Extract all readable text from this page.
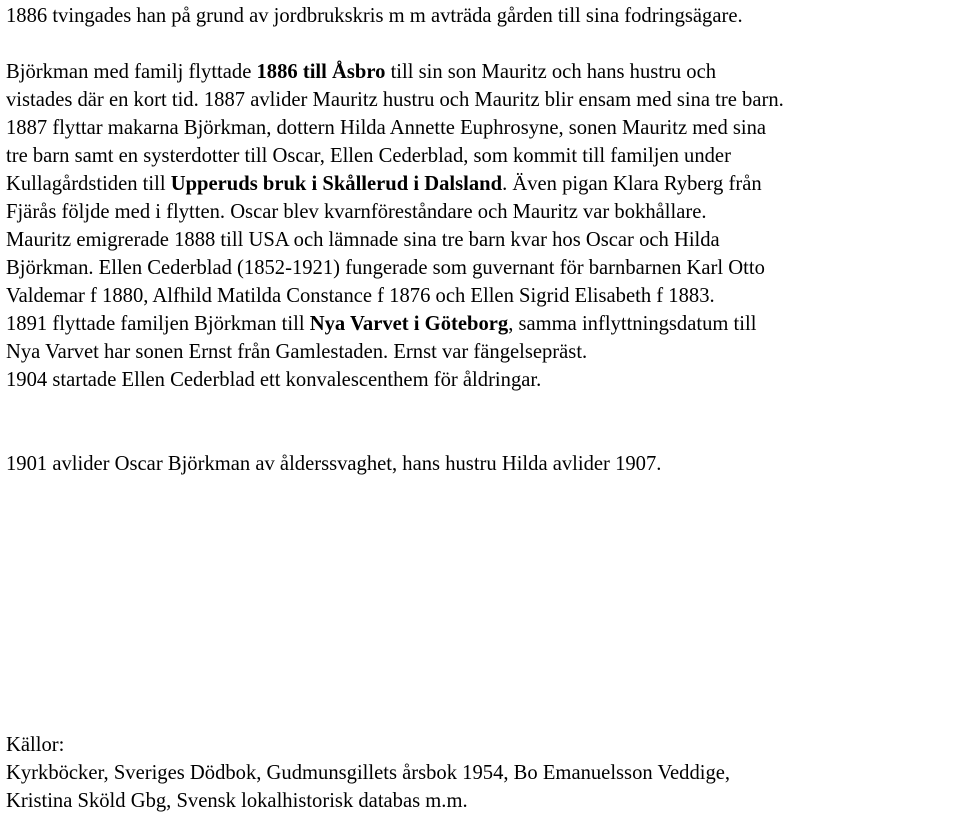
1886 tvingades han på grund av jordbrukskris m m avträda gården till sina fodringsägare.
Björkman med familj flyttade 1886 till Åsbro till sin son Mauritz och hans hustru och
vistades där en kort tid. 1887 avlider Mauritz hustru och Mauritz blir ensam med sina tre barn.
1887 flyttar makarna Björkman, dottern Hilda Annette Euphrosyne, sonen Mauritz med sina
tre barn samt en systerdotter till Oscar, Ellen Cederblad, som kommit till familjen under
Kullagårdstiden till Upperuds bruk i Skållerud i Dalsland. Även pigan Klara Ryberg från
Fjärås följde med i flytten. Oscar blev kvarnföreståndare och Mauritz var bokhållare.
Mauritz emigrerade 1888 till USA och lämnade sina tre barn kvar hos Oscar och Hilda
Björkman. Ellen Cederblad (1852-1921) fungerade som guvernant för barnbarnen Karl Otto
Valdemar f 1880, Alfhild Matilda Constance f 1876 och Ellen Sigrid Elisabeth f 1883.
1891 flyttade familjen Björkman till Nya Varvet i Göteborg, samma inflyttningsdatum till
Nya Varvet har sonen Ernst från Gamlestaden. Ernst var fängelsepräst.
1904 startade Ellen Cederblad ett konvalescenthem för åldringar.
1901 avlider Oscar Björkman av ålderssvaghet, hans hustru Hilda avlider 1907.
Källor:
Kyrkböcker, Sveriges Dödbok, Gudmunsgillets årsbok 1954, Bo Emanuelsson Veddige,
Kristina Sköld Gbg, Svensk lokalhistorisk databas m.m.
